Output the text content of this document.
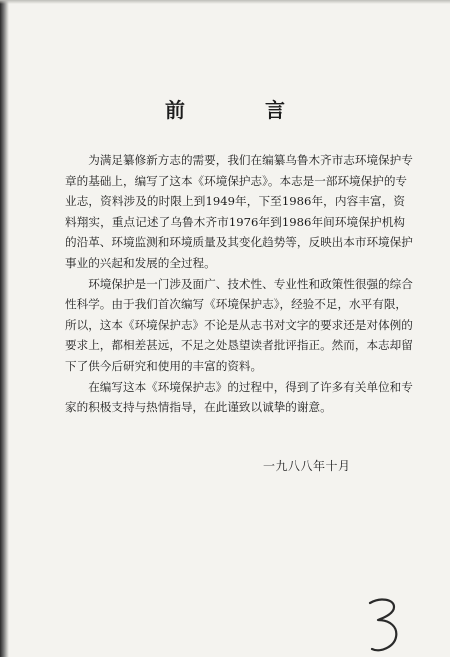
前　言
　　为满足纂修新方志的需要，我们在编纂乌鲁木齐市志环境保护专
章的基础上，编写了这本《环境保护志》。本志是一部环境保护的专
业志，资料涉及的时限上到1949年，下至1986年，内容丰富，资
料翔实，重点记述了乌鲁木齐市1976年到1986年间环境保护机构
的沿革、环境监测和环境质量及其变化趋势等，反映出本市环境保护
事业的兴起和发展的全过程。
　　环境保护是一门涉及面广、技术性、专业性和政策性很强的综合
性科学。由于我们首次编写《环境保护志》，经验不足，水平有限，
所以，这本《环境保护志》不论是从志书对文字的要求还是对体例的
要求上，都相差甚远，不足之处恳望读者批评指正。然而，本志却留
下了供今后研究和使用的丰富的资料。
　　在编写这本《环境保护志》的过程中，得到了许多有关单位和专
家的积极支持与热情指导，在此谨致以诚挚的谢意。
一九八八年十月
